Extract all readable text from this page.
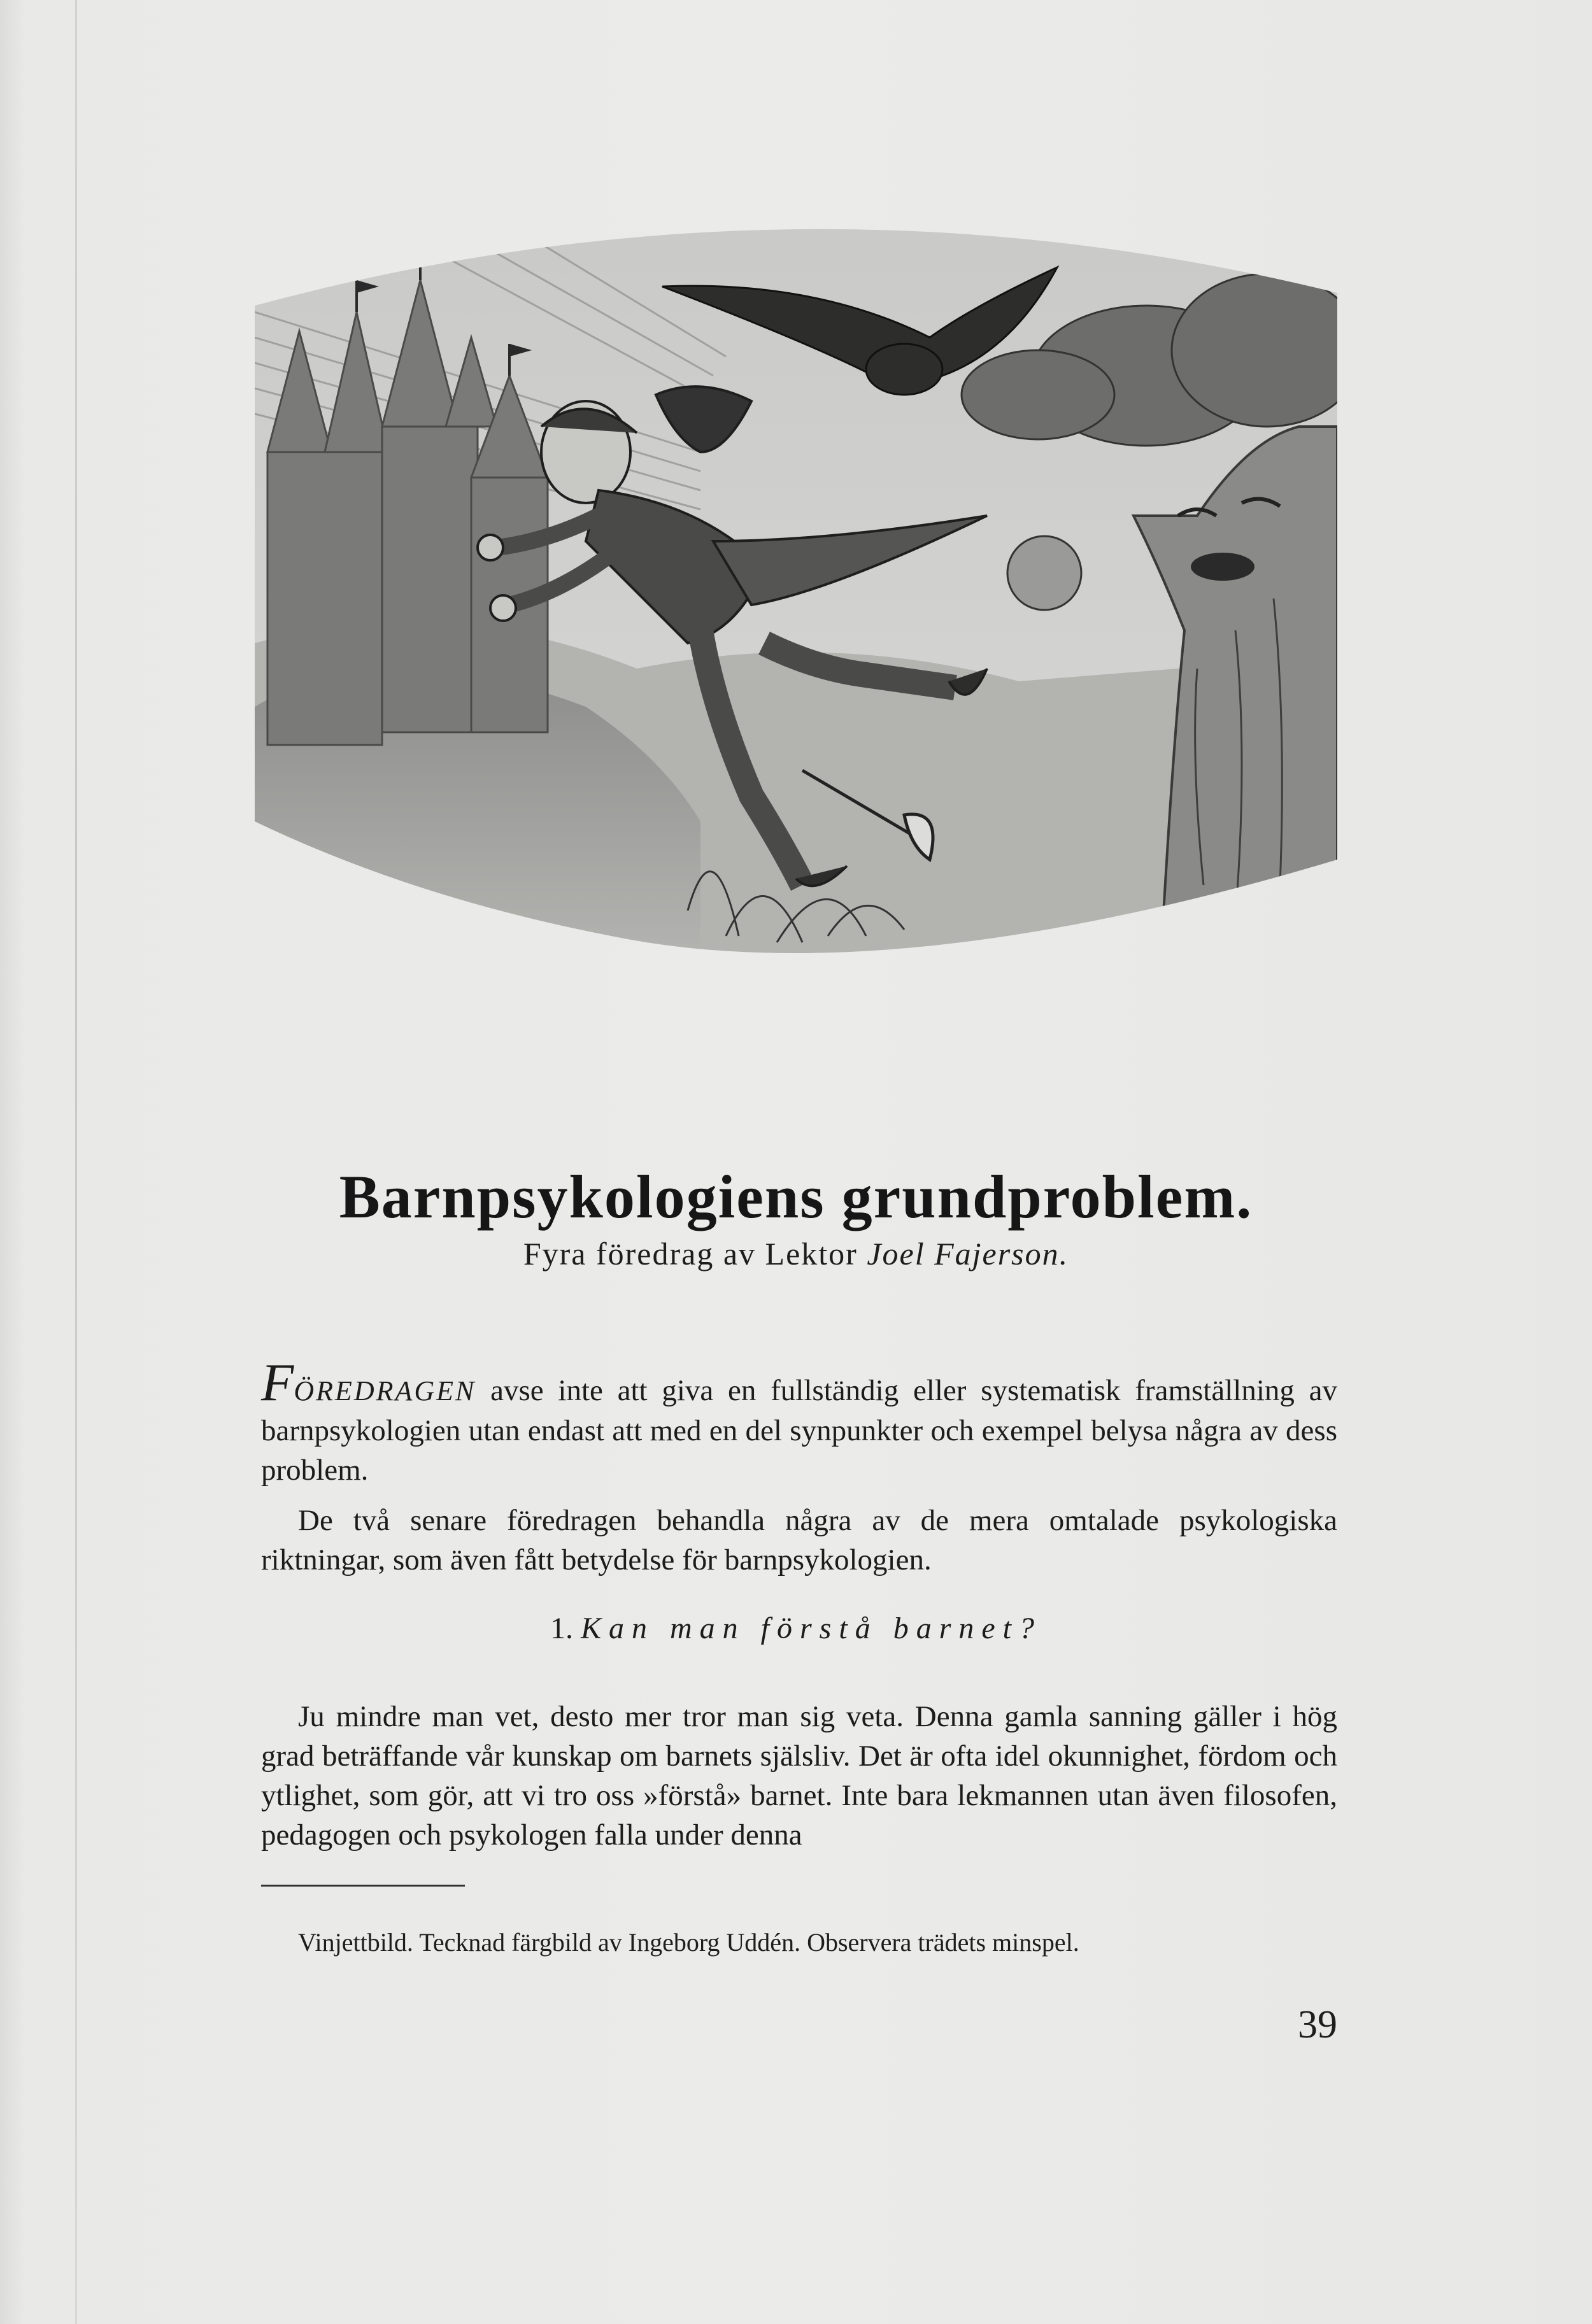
Barnpsykologiens grundproblem.
Fyra föredrag av Lektor Joel Fajerson.

FÖREDRAGEN avse inte att giva en fullständig eller systematisk framställning av barnpsykologien utan endast att med en del synpunkter och exempel belysa några av dess problem.

De två senare föredragen behandla några av de mera omtalade psykologiska riktningar, som även fått betydelse för barnpsykologien.

1. Kan man förstå barnet?

Ju mindre man vet, desto mer tror man sig veta. Denna gamla sanning gäller i hög grad beträffande vår kunskap om barnets själsliv. Det är ofta idel okunnighet, fördom och ytlighet, som gör, att vi tro oss »förstå» barnet. Inte bara lekmannen utan även filosofen, pedagogen och psykologen falla under denna

Vinjettbild. Tecknad färgbild av Ingeborg Uddén. Observera trädets minspel.

39
